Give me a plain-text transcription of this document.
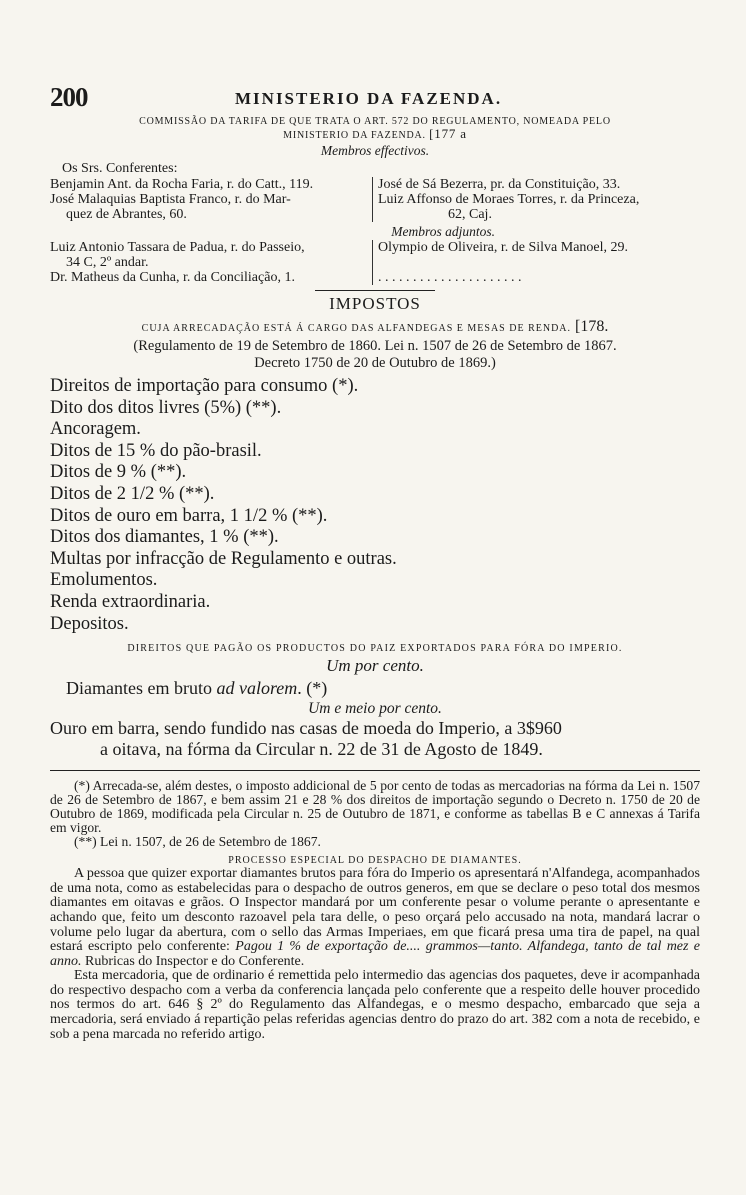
200	MINISTERIO DA FAZENDA.
COMMISSÃO DA TARIFA DE QUE TRATA O ART. 572 DO REGULAMENTO, NOMEADA PELO
MINISTERIO DA FAZENDA. [177 a
Membros effectivos.
Os Srs. Conferentes:
Benjamin Ant. da Rocha Faria, r. do Catt., 119.
José Malaquias Baptista Franco, r. do Mar-
quez de Abrantes, 60.
José de Sá Bezerra, pr. da Constituição, 33.
Luiz Affonso de Moraes Torres, r. da Princeza,
62, Caj.
Membros adjuntos.
Luiz Antonio Tassara de Padua, r. do Passeio,
34 C, 2º andar.
Dr. Matheus da Cunha, r. da Conciliação, 1.
Olympio de Oliveira, r. de Silva Manoel, 29.

. . . . . . . . . . . . . . . . . . . . .
IMPOSTOS
CUJA ARRECADAÇÃO ESTÁ Á CARGO DAS ALFANDEGAS E MESAS DE RENDA. [178.
(Regulamento de 19 de Setembro de 1860. Lei n. 1507 de 26 de Setembro de 1867.
Decreto 1750 de 20 de Outubro de 1869.)
Direitos de importação para consumo (*).
Dito dos ditos livres (5%) (**).
Ancoragem.
Ditos de 15 % do pão-brasil.
Ditos de 9 % (**).
Ditos de 2 1/2 % (**).
Ditos de ouro em barra, 1 1/2 % (**).
Ditos dos diamantes, 1 % (**).
Multas por infracção de Regulamento e outras.
Emolumentos.
Renda extraordinaria.
Depositos.
DIREITOS QUE PAGÃO OS PRODUCTOS DO PAIZ EXPORTADOS PARA FÓRA DO IMPERIO.
Um por cento.
Diamantes em bruto ad valorem. (*)
Um e meio por cento.
Ouro em barra, sendo fundido nas casas de moeda do Imperio, a 3$960
a oitava, na fórma da Circular n. 22 de 31 de Agosto de 1849.

(*) Arrecada-se, além destes, o imposto addicional de 5 por cento de todas as mercadorias na fórma da Lei n. 1507 de 26 de Setembro de 1867, e bem assim 21 e 28 % dos direitos de importação segundo o Decreto n. 1750 de 20 de Outubro de 1869, modificada pela Circular n. 25 de Outubro de 1871, e conforme as tabellas B e C annexas á Tarifa em vigor.

(**) Lei n. 1507, de 26 de Setembro de 1867.

PROCESSO ESPECIAL DO DESPACHO DE DIAMANTES.

A pessoa que quizer exportar diamantes brutos para fóra do Imperio os apresentará n'Alfandega, acompanhados de uma nota, como as estabelecidas para o despacho de outros generos, em que se declare o peso total dos mesmos diamantes em oitavas e grãos. O Inspector mandará por um conferente pesar o volume perante o apresentante e achando que, feito um desconto razoavel pela tara delle, o peso orçará pelo accusado na nota, mandará lacrar o volume pelo lugar da abertura, com o sello das Armas Imperiaes, em que ficará presa uma tira de papel, na qual estará escripto pelo conferente: Pagou 1 % de exportação de.... grammos—tanto. Alfandega, tanto de tal mez e anno. Rubricas do Inspector e do Conferente.

Esta mercadoria, que de ordinario é remettida pelo intermedio das agencias dos paquetes, deve ir acompanhada do respectivo despacho com a verba da conferencia lançada pelo conferente que a respeito delle houver procedido nos termos do art. 646 § 2º do Regulamento das Alfandegas, e o mesmo despacho, embarcado que seja a mercadoria, será enviado á repartição pelas referidas agencias dentro do prazo do art. 382 com a nota de recebido, e sob a pena marcada no referido artigo.
